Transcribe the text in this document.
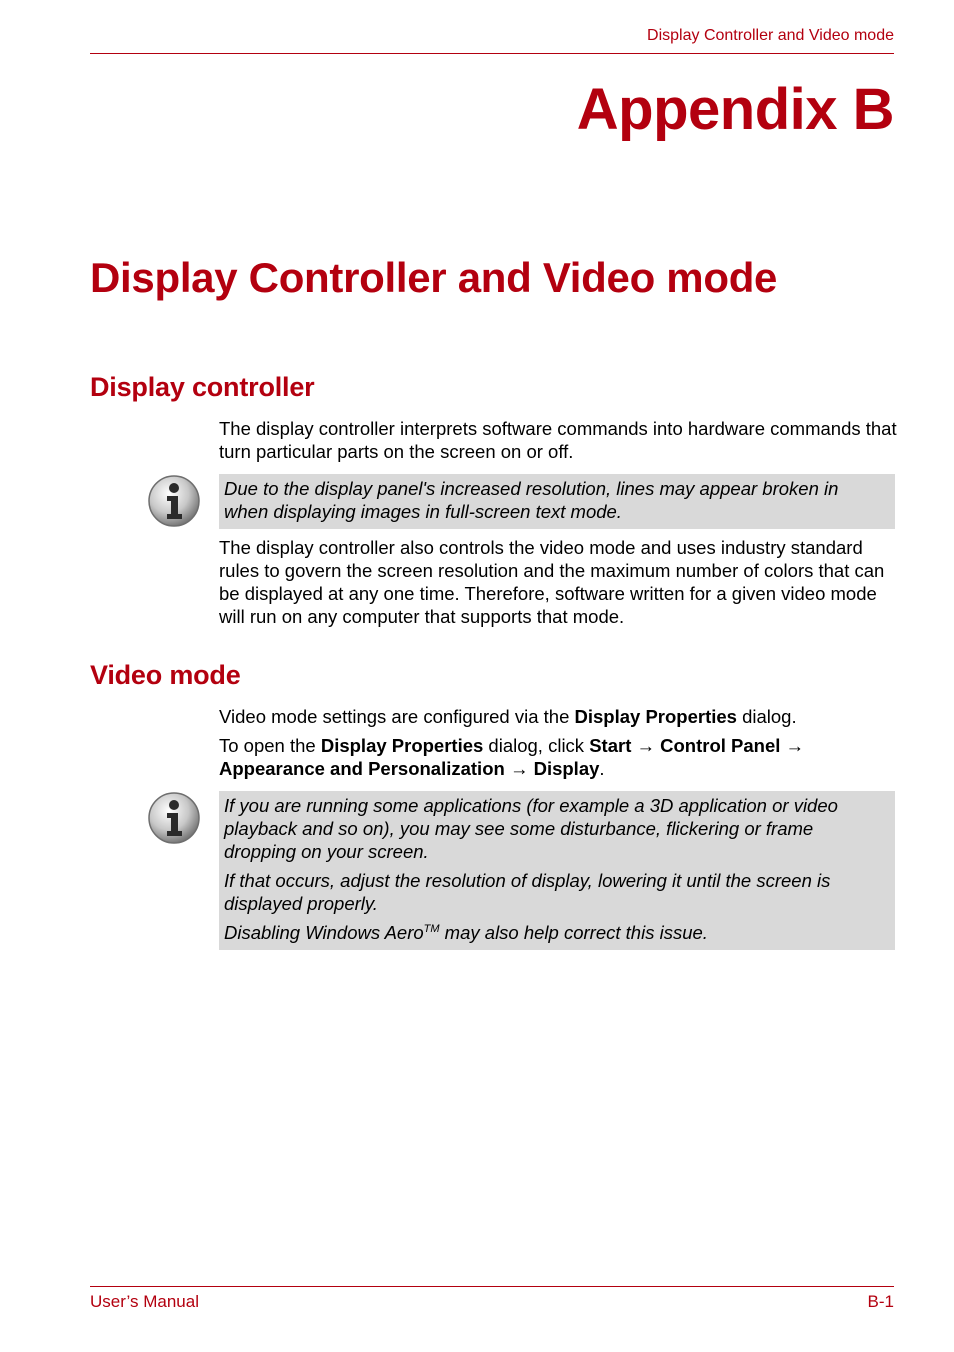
Display Controller and Video mode
Appendix B
Display Controller and Video mode
Display controller

The display controller interprets software commands into hardware commands that turn particular parts on the screen on or off.

Due to the display panel's increased resolution, lines may appear broken in when displaying images in full-screen text mode.

The display controller also controls the video mode and uses industry standard rules to govern the screen resolution and the maximum number of colors that can be displayed at any one time. Therefore, software written for a given video mode will run on any computer that supports that mode.

Video mode

Video mode settings are configured via the Display Properties dialog.

To open the Display Properties dialog, click Start → Control Panel → Appearance and Personalization → Display.

If you are running some applications (for example a 3D application or video playback and so on), you may see some disturbance, flickering or frame dropping on your screen.

If that occurs, adjust the resolution of display, lowering it until the screen is displayed properly.

Disabling Windows Aero™ may also help correct this issue.

User’s Manual	B-1
